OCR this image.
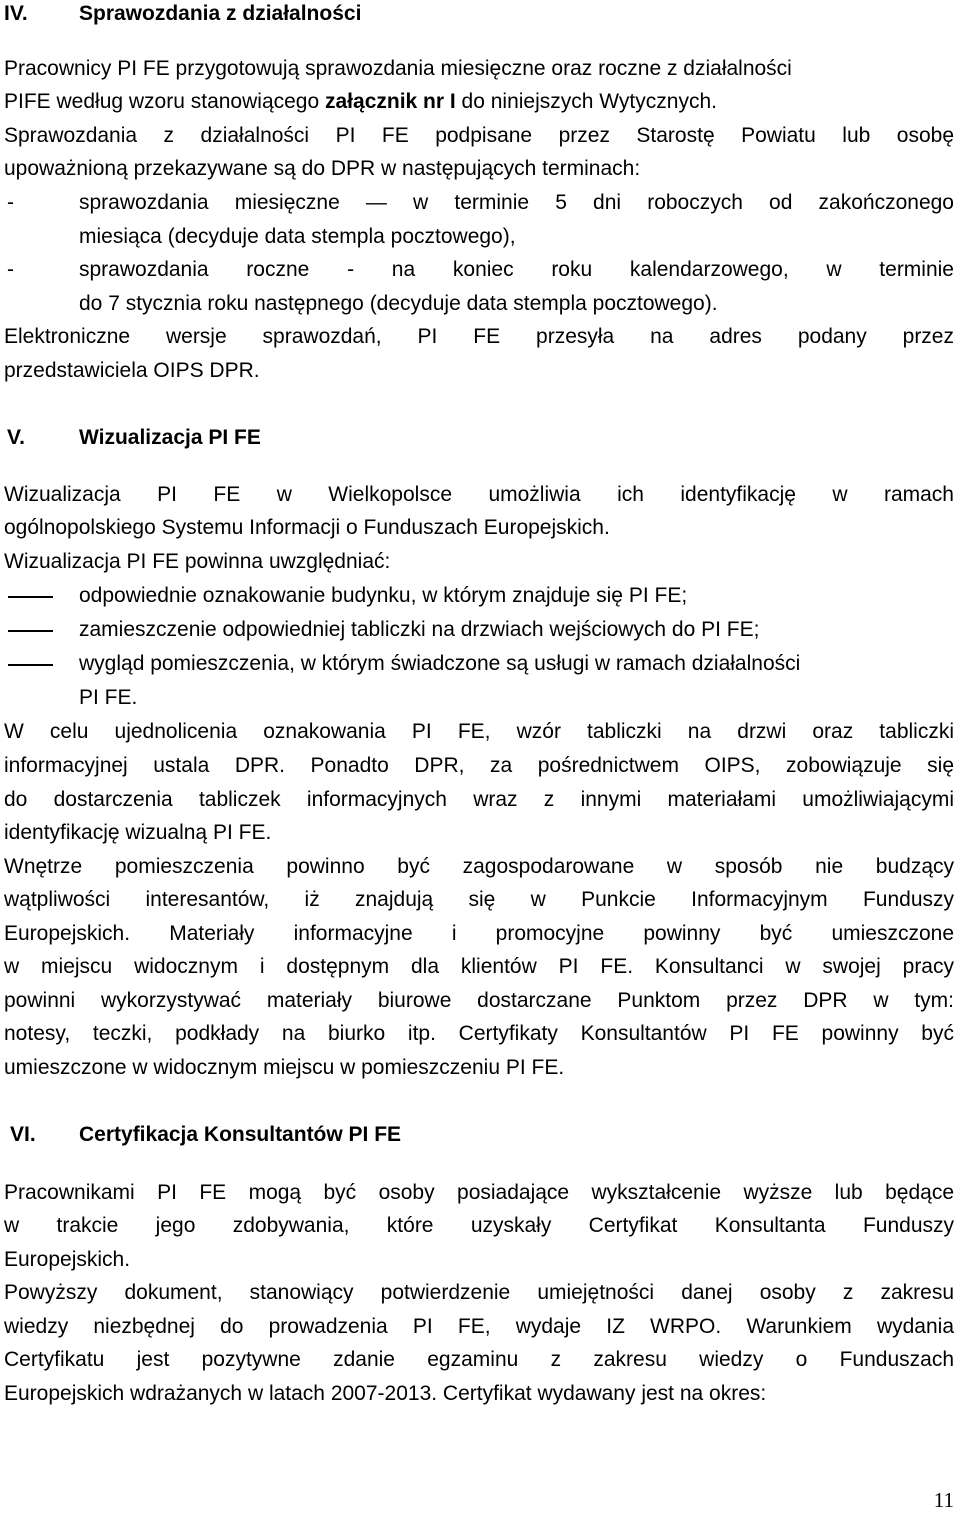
IV. Sprawozdania z działalności
Pracownicy PI FE przygotowują sprawozdania miesięczne oraz roczne z działalności
PIFE według wzoru stanowiącego załącznik nr I do niniejszych Wytycznych.
Sprawozdania z działalności PI FE podpisane przez Starostę Powiatu lub osobę
upoważnioną przekazywane są do DPR w następujących terminach:
-	sprawozdania miesięczne — w terminie 5 dni roboczych od zakończonego
miesiąca (decyduje data stempla pocztowego),
-	sprawozdania roczne - na koniec roku kalendarzowego, w terminie
do 7 stycznia roku następnego (decyduje data stempla pocztowego).
Elektroniczne wersje sprawozdań, PI FE przesyła na adres podany przez
przedstawiciela OIPS DPR.
V.	Wizualizacja PI FE
Wizualizacja PI FE w Wielkopolsce umożliwia ich identyfikację w ramach
ogólnopolskiego Systemu Informacji o Funduszach Europejskich.
Wizualizacja PI FE powinna uwzględniać:
odpowiednie oznakowanie budynku, w którym znajduje się PI FE;
zamieszczenie odpowiedniej tabliczki na drzwiach wejściowych do PI FE;
wygląd pomieszczenia, w którym świadczone są usługi w ramach działalności
PI FE.
W celu ujednolicenia oznakowania PI FE, wzór tabliczki na drzwi oraz tabliczki
informacyjnej ustala DPR. Ponadto DPR, za pośrednictwem OIPS, zobowiązuje się
do dostarczenia tabliczek informacyjnych wraz z innymi materiałami umożliwiającymi
identyfikację wizualną PI FE.
Wnętrze pomieszczenia powinno być zagospodarowane w sposób nie budzący
wątpliwości interesantów, iż znajdują się w Punkcie Informacyjnym Funduszy
Europejskich. Materiały informacyjne i promocyjne powinny być umieszczone
w miejscu widocznym i dostępnym dla klientów PI FE. Konsultanci w swojej pracy
powinni wykorzystywać materiały biurowe dostarczane Punktom przez DPR w tym:
notesy, teczki, podkłady na biurko itp. Certyfikaty Konsultantów PI FE powinny być
umieszczone w widocznym miejscu w pomieszczeniu PI FE.
VI. Certyfikacja Konsultantów PI FE
Pracownikami PI FE mogą być osoby posiadające wykształcenie wyższe lub będące
w trakcie jego zdobywania, które uzyskały Certyfikat Konsultanta Funduszy
Europejskich.
Powyższy dokument, stanowiący potwierdzenie umiejętności danej osoby z zakresu
wiedzy niezbędnej do prowadzenia PI FE, wydaje IZ WRPO. Warunkiem wydania
Certyfikatu jest pozytywne zdanie egzaminu z zakresu wiedzy o Funduszach
Europejskich wdrażanych w latach 2007-2013. Certyfikat wydawany jest na okres:
11
